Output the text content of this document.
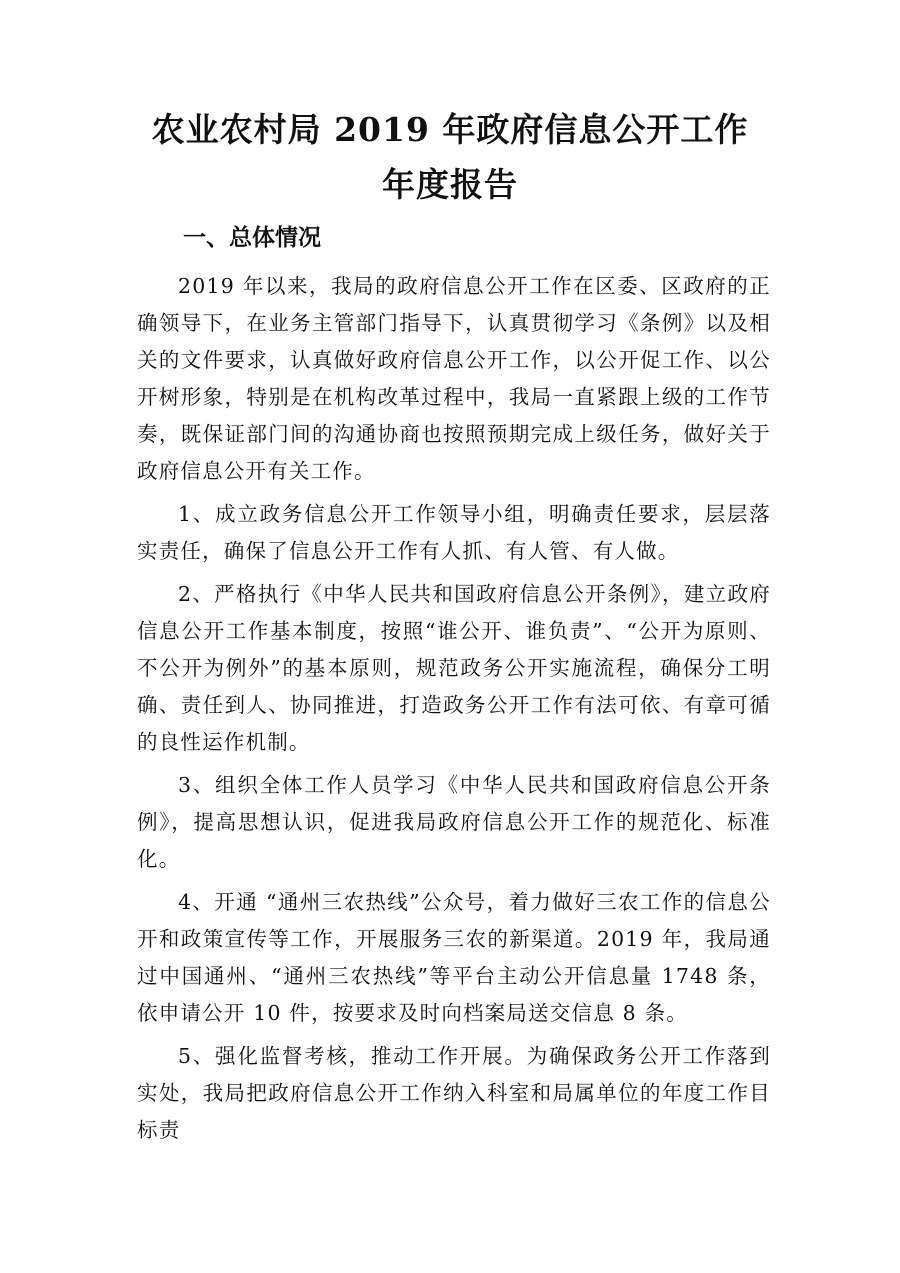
农业农村局 2019 年政府信息公开工作
年度报告
一、总体情况

2019 年以来，我局的政府信息公开工作在区委、区政府的正确领导下，在业务主管部门指导下，认真贯彻学习《条例》以及相关的文件要求，认真做好政府信息公开工作，以公开促工作、以公开树形象，特别是在机构改革过程中，我局一直紧跟上级的工作节奏，既保证部门间的沟通协商也按照预期完成上级任务，做好关于政府信息公开有关工作。

1、成立政务信息公开工作领导小组，明确责任要求，层层落实责任，确保了信息公开工作有人抓、有人管、有人做。

2、严格执行《中华人民共和国政府信息公开条例》，建立政府信息公开工作基本制度，按照“谁公开、谁负责”、“公开为原则、不公开为例外”的基本原则，规范政务公开实施流程，确保分工明确、责任到人、协同推进，打造政务公开工作有法可依、有章可循的良性运作机制。

3、组织全体工作人员学习《中华人民共和国政府信息公开条例》，提高思想认识，促进我局政府信息公开工作的规范化、标准化。

4、开通 “通州三农热线”公众号，着力做好三农工作的信息公开和政策宣传等工作，开展服务三农的新渠道。2019 年，我局通过中国通州、“通州三农热线”等平台主动公开信息量 1748 条，依申请公开 10 件，按要求及时向档案局送交信息 8 条。

5、强化监督考核，推动工作开展。为确保政务公开工作落到实处，我局把政府信息公开工作纳入科室和局属单位的年度工作目标责
